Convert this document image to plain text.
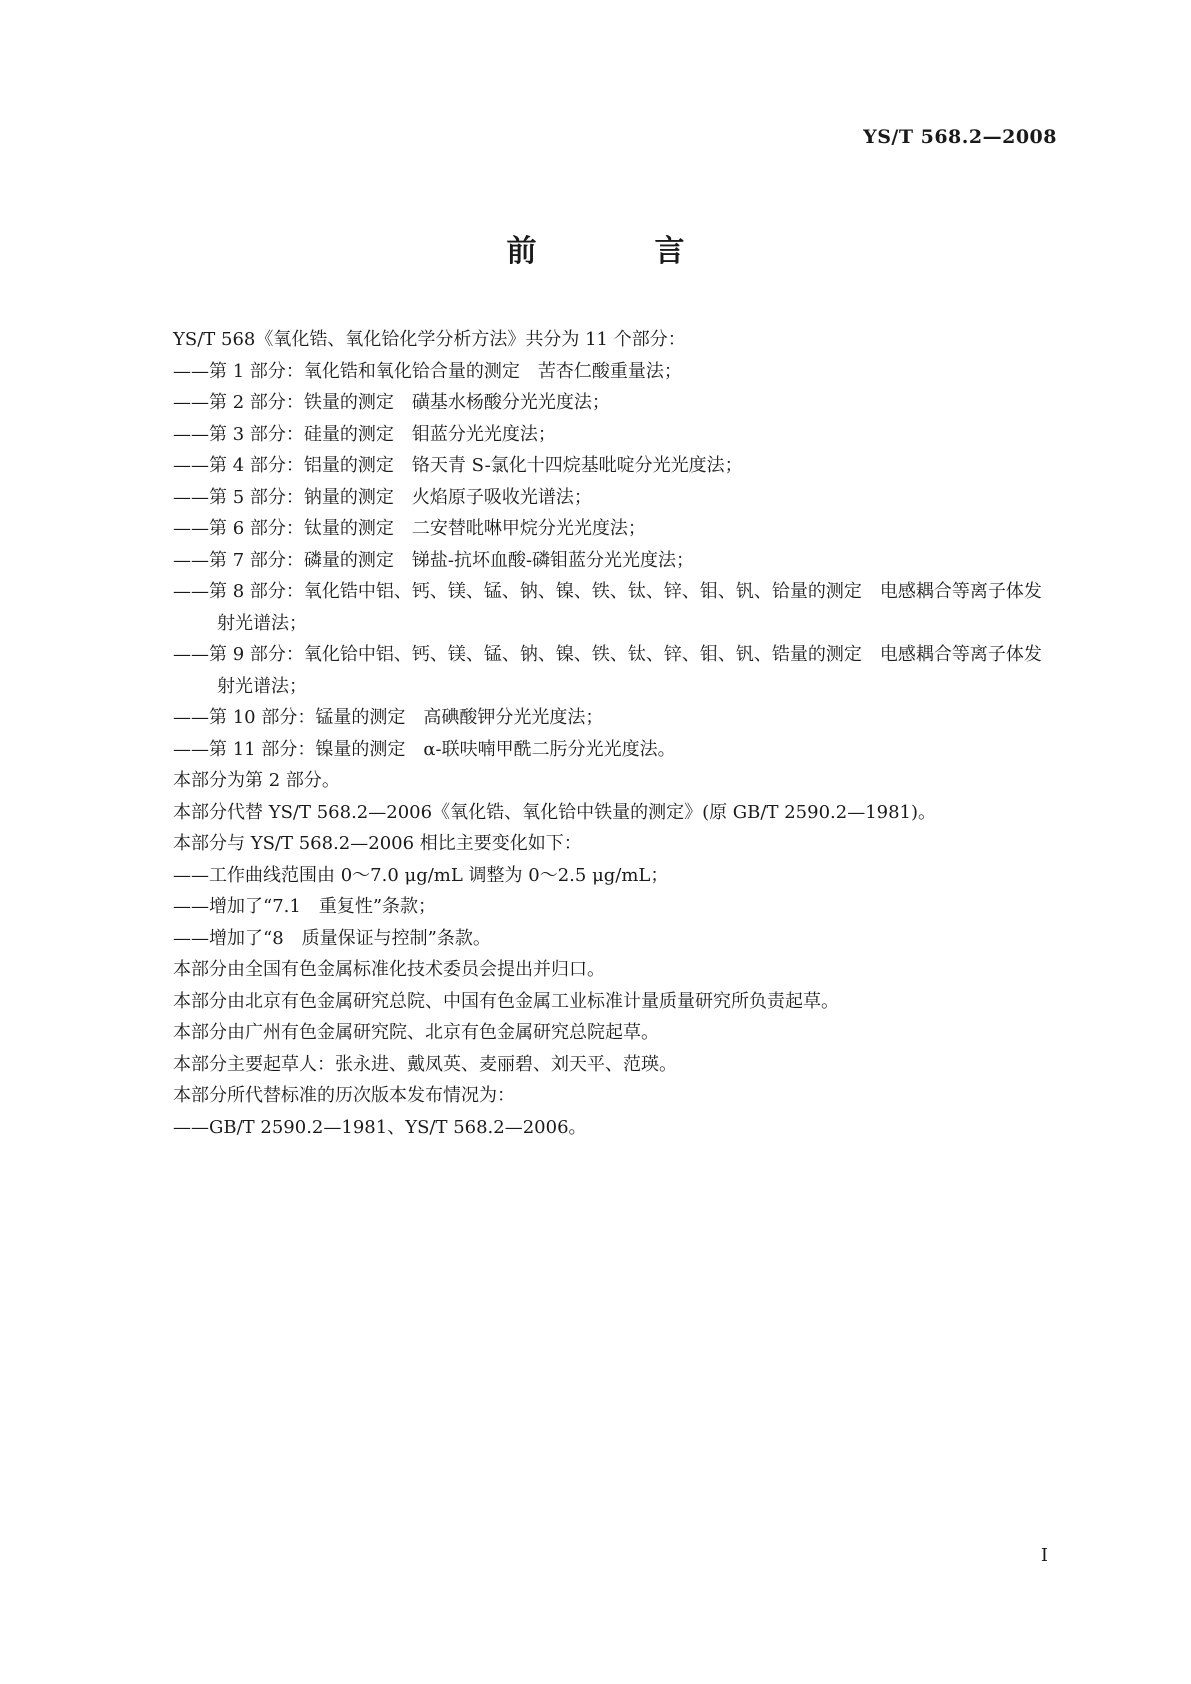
YS/T 568.2—2008
前　言

YS/T 568《氧化锆、氧化铪化学分析方法》共分为 11 个部分：

——第 1 部分：氧化锆和氧化铪合量的测定　苦杏仁酸重量法；

——第 2 部分：铁量的测定　磺基水杨酸分光光度法；

——第 3 部分：硅量的测定　钼蓝分光光度法；

——第 4 部分：铝量的测定　铬天青 S-氯化十四烷基吡啶分光光度法；

——第 5 部分：钠量的测定　火焰原子吸收光谱法；

——第 6 部分：钛量的测定　二安替吡啉甲烷分光光度法；

——第 7 部分：磷量的测定　锑盐-抗坏血酸-磷钼蓝分光光度法；

——第 8 部分：氧化锆中铝、钙、镁、锰、钠、镍、铁、钛、锌、钼、钒、铪量的测定　电感耦合等离子体发射光谱法；

——第 9 部分：氧化铪中铝、钙、镁、锰、钠、镍、铁、钛、锌、钼、钒、锆量的测定　电感耦合等离子体发射光谱法；

——第 10 部分：锰量的测定　高碘酸钾分光光度法；

——第 11 部分：镍量的测定　α-联呋喃甲酰二肟分光光度法。

本部分为第 2 部分。

本部分代替 YS/T 568.2—2006《氧化锆、氧化铪中铁量的测定》(原 GB/T 2590.2—1981)。

本部分与 YS/T 568.2—2006 相比主要变化如下：

——工作曲线范围由 0～7.0 μg/mL 调整为 0～2.5 μg/mL；

——增加了“7.1　重复性”条款；

——增加了“8　质量保证与控制”条款。

本部分由全国有色金属标准化技术委员会提出并归口。

本部分由北京有色金属研究总院、中国有色金属工业标准计量质量研究所负责起草。

本部分由广州有色金属研究院、北京有色金属研究总院起草。

本部分主要起草人：张永进、戴凤英、麦丽碧、刘天平、范瑛。

本部分所代替标准的历次版本发布情况为：

——GB/T 2590.2—1981、YS/T 568.2—2006。

I
